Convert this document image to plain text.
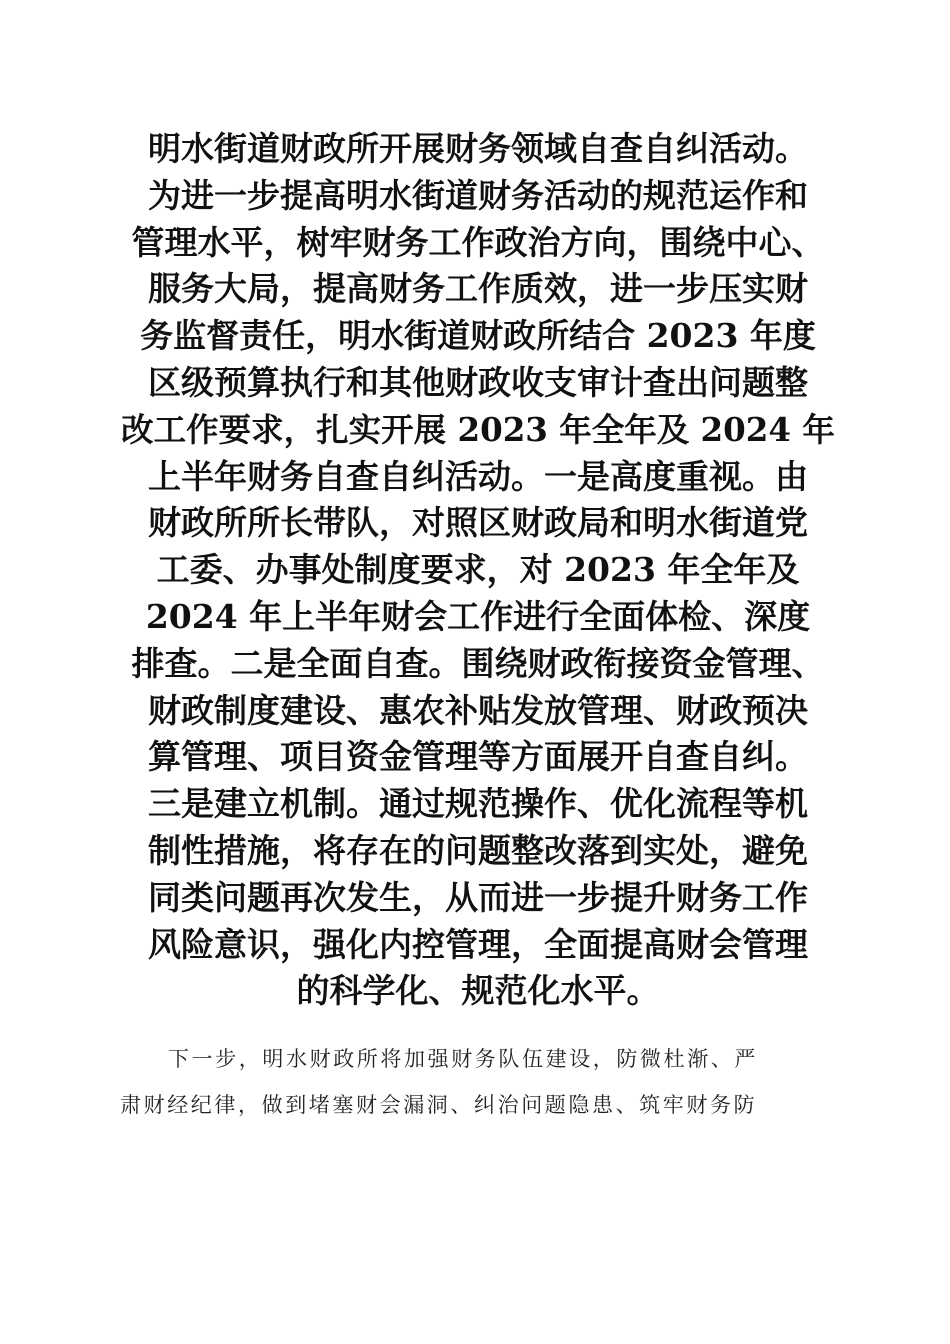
明水街道财政所开展财务领域自查自纠活动。
为进一步提高明水街道财务活动的规范运作和
管理水平，树牢财务工作政治方向，围绕中心、
服务大局，提高财务工作质效，进一步压实财
务监督责任，明水街道财政所结合 2023 年度
区级预算执行和其他财政收支审计查出问题整
改工作要求，扎实开展 2023 年全年及 2024 年
上半年财务自查自纠活动。一是高度重视。由
财政所所长带队，对照区财政局和明水街道党
工委、办事处制度要求，对 2023 年全年及
2024 年上半年财会工作进行全面体检、深度
排查。二是全面自查。围绕财政衔接资金管理、
财政制度建设、惠农补贴发放管理、财政预决
算管理、项目资金管理等方面展开自查自纠。
三是建立机制。通过规范操作、优化流程等机
制性措施，将存在的问题整改落到实处，避免
同类问题再次发生，从而进一步提升财务工作
风险意识，强化内控管理，全面提高财会管理
的科学化、规范化水平。
下一步，明水财政所将加强财务队伍建设，防微杜渐、严
肃财经纪律，做到堵塞财会漏洞、纠治问题隐患、筑牢财务防
